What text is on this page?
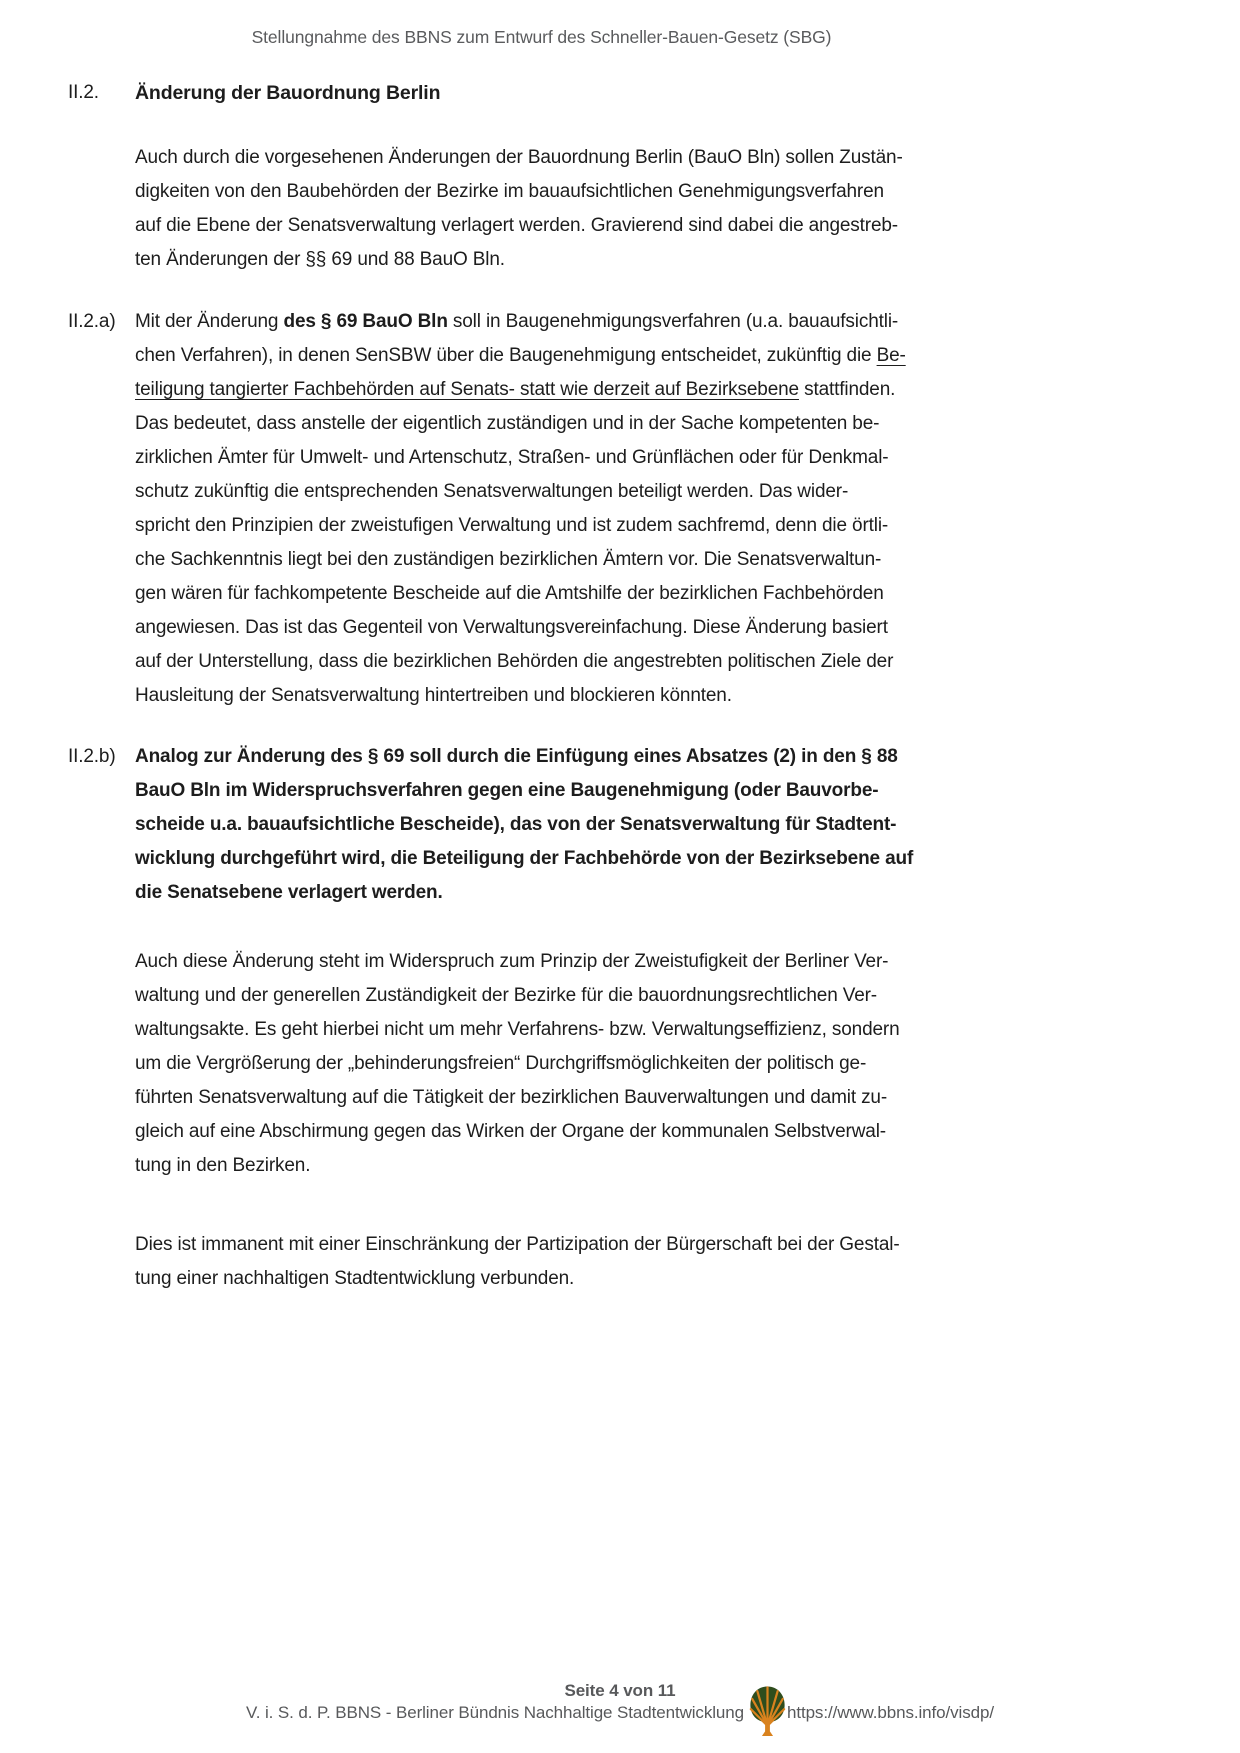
Stellungnahme des BBNS zum Entwurf des Schneller-Bauen-Gesetz (SBG)
II.2.	Änderung der Bauordnung Berlin
Auch durch die vorgesehenen Änderungen der Bauordnung Berlin (BauO Bln) sollen Zustän-
digkeiten von den Baubehörden der Bezirke im bauaufsichtlichen Genehmigungsverfahren
auf die Ebene der Senatsverwaltung verlagert werden. Gravierend sind dabei die angestreb-
ten Änderungen der §§ 69 und 88 BauO Bln.
II.2.a)	Mit der Änderung des § 69 BauO Bln soll in Baugenehmigungsverfahren (u.a. bauaufsichtli-
chen Verfahren), in denen SenSBW über die Baugenehmigung entscheidet, zukünftig die Be-
teiligung tangierter Fachbehörden auf Senats- statt wie derzeit auf Bezirksebene stattfinden.
Das bedeutet, dass anstelle der eigentlich zuständigen und in der Sache kompetenten be-
zirklichen Ämter für Umwelt- und Artenschutz, Straßen- und Grünflächen oder für Denkmal-
schutz zukünftig die entsprechenden Senatsverwaltungen beteiligt werden. Das wider-
spricht den Prinzipien der zweistufigen Verwaltung und ist zudem sachfremd, denn die örtli-
che Sachkenntnis liegt bei den zuständigen bezirklichen Ämtern vor. Die Senatsverwaltun-
gen wären für fachkompetente Bescheide auf die Amtshilfe der bezirklichen Fachbehörden
angewiesen. Das ist das Gegenteil von Verwaltungsvereinfachung. Diese Änderung basiert
auf der Unterstellung, dass die bezirklichen Behörden die angestrebten politischen Ziele der
Hausleitung der Senatsverwaltung hintertreiben und blockieren könnten.
II.2.b)	Analog zur Änderung des § 69 soll durch die Einfügung eines Absatzes (2) in den § 88
BauO Bln im Widerspruchsverfahren gegen eine Baugenehmigung (oder Bauvorbe-
scheide u.a. bauaufsichtliche Bescheide), das von der Senatsverwaltung für Stadtent-
wicklung durchgeführt wird, die Beteiligung der Fachbehörde von der Bezirksebene auf
die Senatsebene verlagert werden.
Auch diese Änderung steht im Widerspruch zum Prinzip der Zweistufigkeit der Berliner Ver-
waltung und der generellen Zuständigkeit der Bezirke für die bauordnungsrechtlichen Ver-
waltungsakte. Es geht hierbei nicht um mehr Verfahrens- bzw. Verwaltungseffizienz, sondern
um die Vergrößerung der „behinderungsfreien“ Durchgriffsmöglichkeiten der politisch ge-
führten Senatsverwaltung auf die Tätigkeit der bezirklichen Bauverwaltungen und damit zu-
gleich auf eine Abschirmung gegen das Wirken der Organe der kommunalen Selbstverwal-
tung in den Bezirken.
Dies ist immanent mit einer Einschränkung der Partizipation der Bürgerschaft bei der Gestal-
tung einer nachhaltigen Stadtentwicklung verbunden.
Seite 4 von 11
V. i. S. d. P. BBNS - Berliner Bündnis Nachhaltige Stadtentwicklung	https://www.bbns.info/visdp/
